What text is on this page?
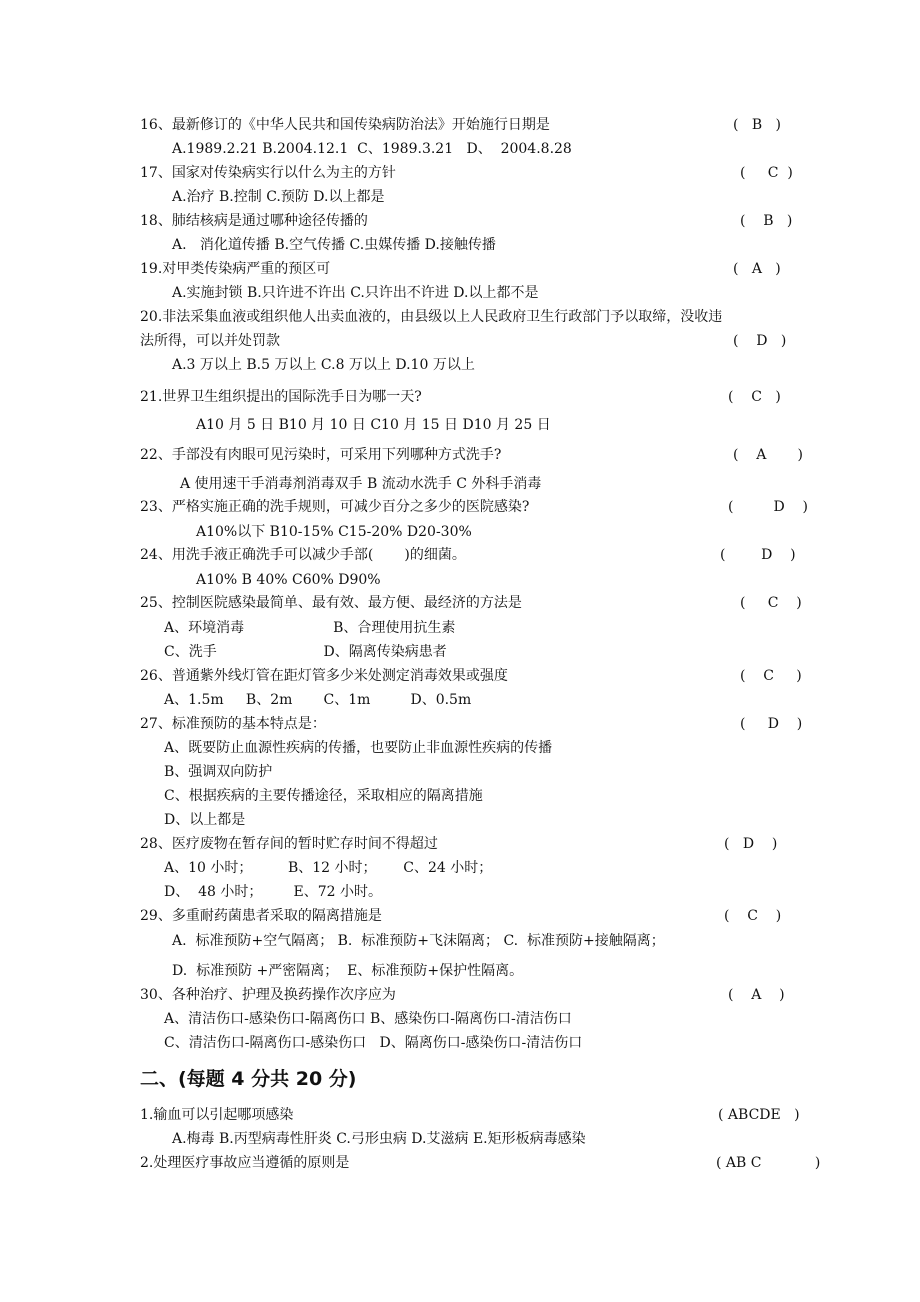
16、最新修订的《中华人民共和国传染病防治法》开始施行日期是	(   B   )
A.1989.2.21 B.2004.12.1  C、1989.3.21   D、  2004.8.28
17、国家对传染病实行以什么为主的方针	(     C  )
A.治疗 B.控制 C.预防 D.以上都是
18、肺结核病是通过哪种途径传播的	(    B   )
A.   消化道传播 B.空气传播 C.虫媒传播 D.接触传播
19.对甲类传染病严重的预区可	(   A   )
A.实施封锁 B.只许进不许出 C.只许出不许进 D.以上都不是
20.非法采集血液或组织他人出卖血液的，由县级以上人民政府卫生行政部门予以取缔，没收违
法所得，可以并处罚款	(    D   )
A.3 万以上 B.5 万以上 C.8 万以上 D.10 万以上
21.世界卫生组织提出的国际洗手日为哪一天?	(    C   )
A10 月 5 日 B10 月 10 日 C10 月 15 日 D10 月 25 日
22、手部没有肉眼可见污染时，可采用下列哪种方式洗手?	(    A       )
A 使用速干手消毒剂消毒双手 B 流动水洗手 C 外科手消毒
23、严格实施正确的洗手规则，可减少百分之多少的医院感染?	(         D    )
A10%以下 B10-15% C15-20% D20-30%
24、用洗手液正确洗手可以减少手部(       )的细菌。	(        D    )
A10% B 40% C60% D90%
25、控制医院感染最简单、最有效、最方便、最经济的方法是	(     C    )
A、环境消毒                    B、合理使用抗生素
C、洗手                        D、隔离传染病患者
26、普通紫外线灯管在距灯管多少米处测定消毒效果或强度	(    C     )
A、1.5m     B、2m       C、1m         D、0.5m
27、标准预防的基本特点是：	(     D    )
A、既要防止血源性疾病的传播，也要防止非血源性疾病的传播
B、强调双向防护
C、根据疾病的主要传播途径，采取相应的隔离措施
D、以上都是
28、医疗废物在暂存间的暂时贮存时间不得超过	(   D    )
A、10 小时；        B、12 小时；      C、24 小时；
D、  48 小时；       E、72 小时。
29、多重耐药菌患者采取的隔离措施是	(    C    )
A.  标准预防+空气隔离； B.  标准预防+飞沫隔离； C.  标准预防+接触隔离；
D.  标准预防 +严密隔离；  E、标准预防+保护性隔离。
30、各种治疗、护理及换药操作次序应为	(    A    )
A、清洁伤口-感染伤口-隔离伤口 B、感染伤口-隔离伤口-清洁伤口
C、清洁伤口-隔离伤口-感染伤口   D、隔离伤口-感染伤口-清洁伤口
二、(每题 4 分共 20 分)
1.输血可以引起哪项感染	( ABCDE   )
A.梅毒 B.丙型病毒性肝炎 C.弓形虫病 D.艾滋病 E.矩形板病毒感染
2.处理医疗事故应当遵循的原则是	( AB C            )
